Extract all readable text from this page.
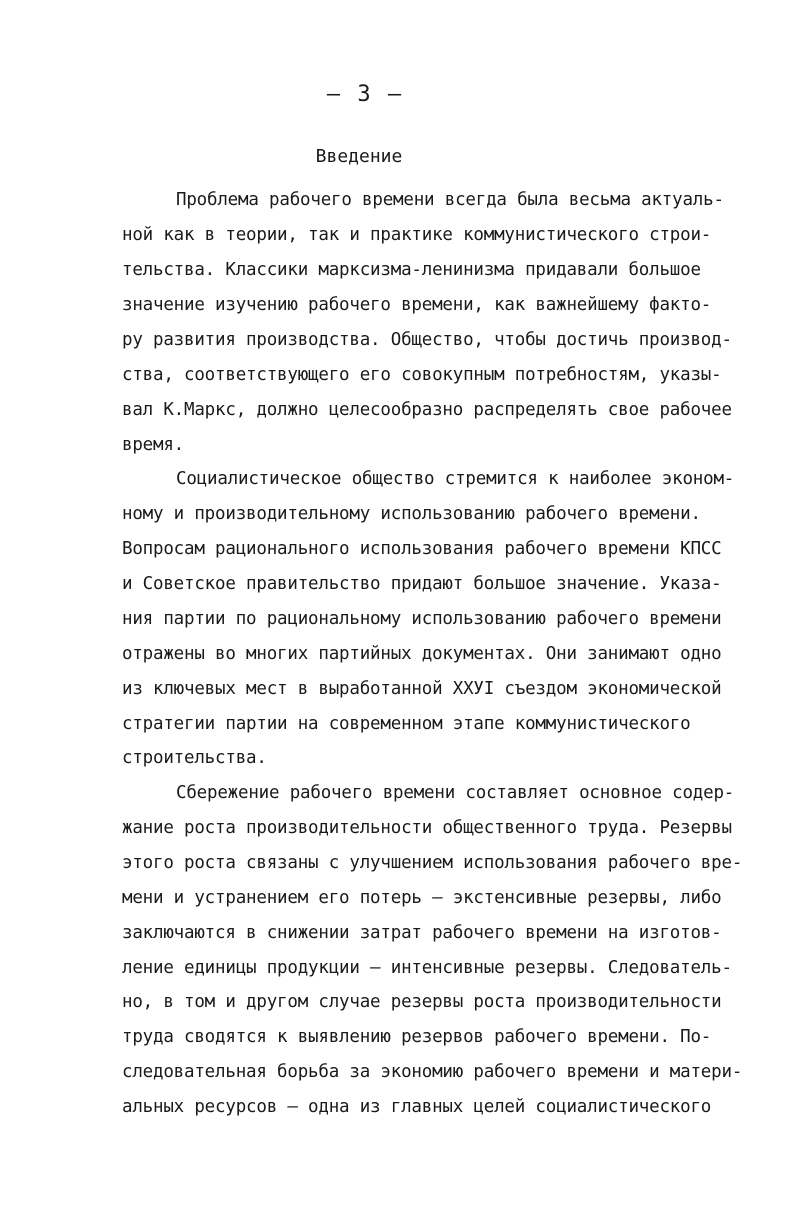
– 3 –
Введение
Проблема рабочего времени всегда была весьма актуаль-
ной как в теории, так и практике коммунистического строи-
тельства. Классики марксизма-ленинизма придавали большое
значение изучению рабочего времени, как важнейшему факто-
ру развития производства. Общество, чтобы достичь производ-
ства, соответствующего его совокупным потребностям, указы-
вал К.Маркс, должно целесообразно распределять свое рабочее
время.
Социалистическое общество стремится к наиболее эконом-
ному и производительному использованию рабочего времени.
Вопросам рационального использования рабочего времени КПСС
и Советское правительство придают большое значение. Указа-
ния партии по рациональному использованию рабочего времени
отражены во многих партийных документах. Они занимают одно
из ключевых мест в выработанной ХХУI съездом экономической
стратегии партии на современном этапе коммунистического
строительства.
Сбережение рабочего времени составляет основное содер-
жание роста производительности общественного труда. Резервы
этого роста связаны с улучшением использования рабочего вре-
мени и устранением его потерь – экстенсивные резервы, либо
заключаются в снижении затрат рабочего времени на изготов-
ление единицы продукции – интенсивные резервы. Следователь-
но, в том и другом случае резервы роста производительности
труда сводятся к выявлению резервов рабочего времени. По-
следовательная борьба за экономию рабочего времени и матери-
альных ресурсов – одна из главных целей социалистического
